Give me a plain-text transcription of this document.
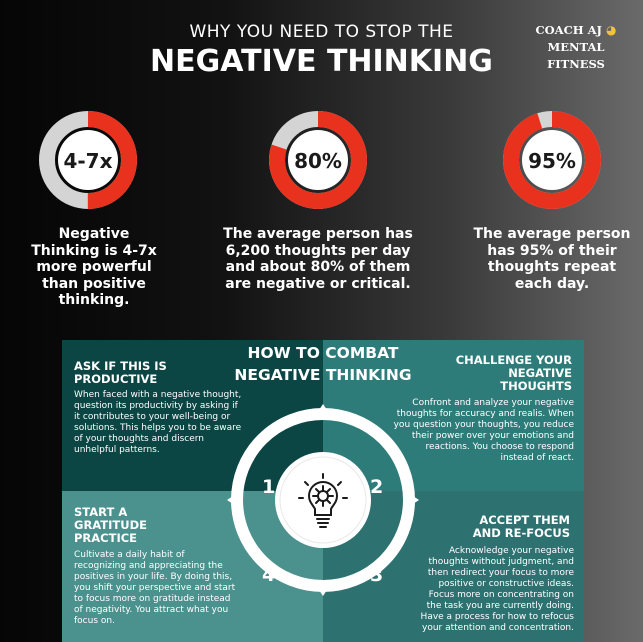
WHY YOU NEED TO STOP THE
NEGATIVE THINKING
COACH AJ ◕
MENTAL FITNESS
4-7x
Negative Thinking is 4-7x more powerful than positive thinking.
80%
The average person has 6,200 thoughts per day and about 80% of them are negative or critical.
95%
The average person has 95% of their thoughts repeat each day.
1	2
3
4
HOW TO COMBAT NEGATIVE THINKING
ASK IF THIS IS PRODUCTIVE
When faced with a negative thought, question its productivity by asking if it contributes to your well-being or solutions. This helps you to be aware of your thoughts and discern unhelpful patterns.
CHALLENGE YOUR NEGATIVE THOUGHTS
Confront and analyze your negative thoughts for accuracy and realis. When you question your thoughts, you reduce their power over your emotions and reactions. You choose to respond instead of react.
ACCEPT THEM AND RE-FOCUS
Acknowledge your negative thoughts without judgment, and then redirect your focus to more positive or constructive ideas. Focus more on concentrating on the task you are currently doing. Have a process for how to refocus your attention and concentration.
START A GRATITUDE PRACTICE
Cultivate a daily habit of recognizing and appreciating the positives in your life. By doing this, you shift your perspective and start to focus more on gratitude instead of negativity. You attract what you focus on.
